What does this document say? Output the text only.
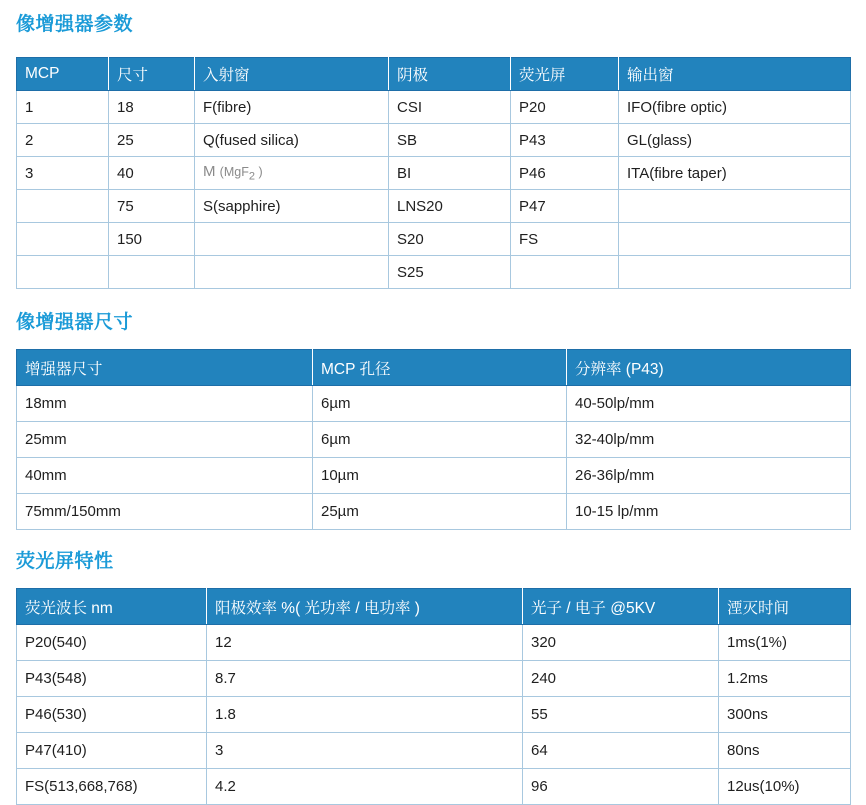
像增强器参数
MCP	尺寸	入射窗	阴极	荧光屏	输出窗
1	18	F(fibre)	CSI	P20	IFO(fibre optic)
2	25	Q(fused silica)	SB	P43	GL(glass)
3	40	M (MgF2 )	BI	P46	ITA(fibre taper)
	75	S(sapphire)	LNS20	P47	
	150		S20	FS	
			S25		
像增强器尺寸
增强器尺寸	MCP 孔径	分辨率 (P43)
18mm	6µm	40-50lp/mm
25mm	6µm	32-40lp/mm
40mm	10µm	26-36lp/mm
75mm/150mm	25µm	10-15 lp/mm
荧光屏特性
荧光波长 nm	阳极效率 %( 光功率 / 电功率 )	光子 / 电子 @5KV	湮灭时间
P20(540)	12	320	1ms(1%)
P43(548)	8.7	240	1.2ms
P46(530)	1.8	55	300ns
P47(410)	3	64	80ns
FS(513,668,768)	4.2	96	12us(10%)
